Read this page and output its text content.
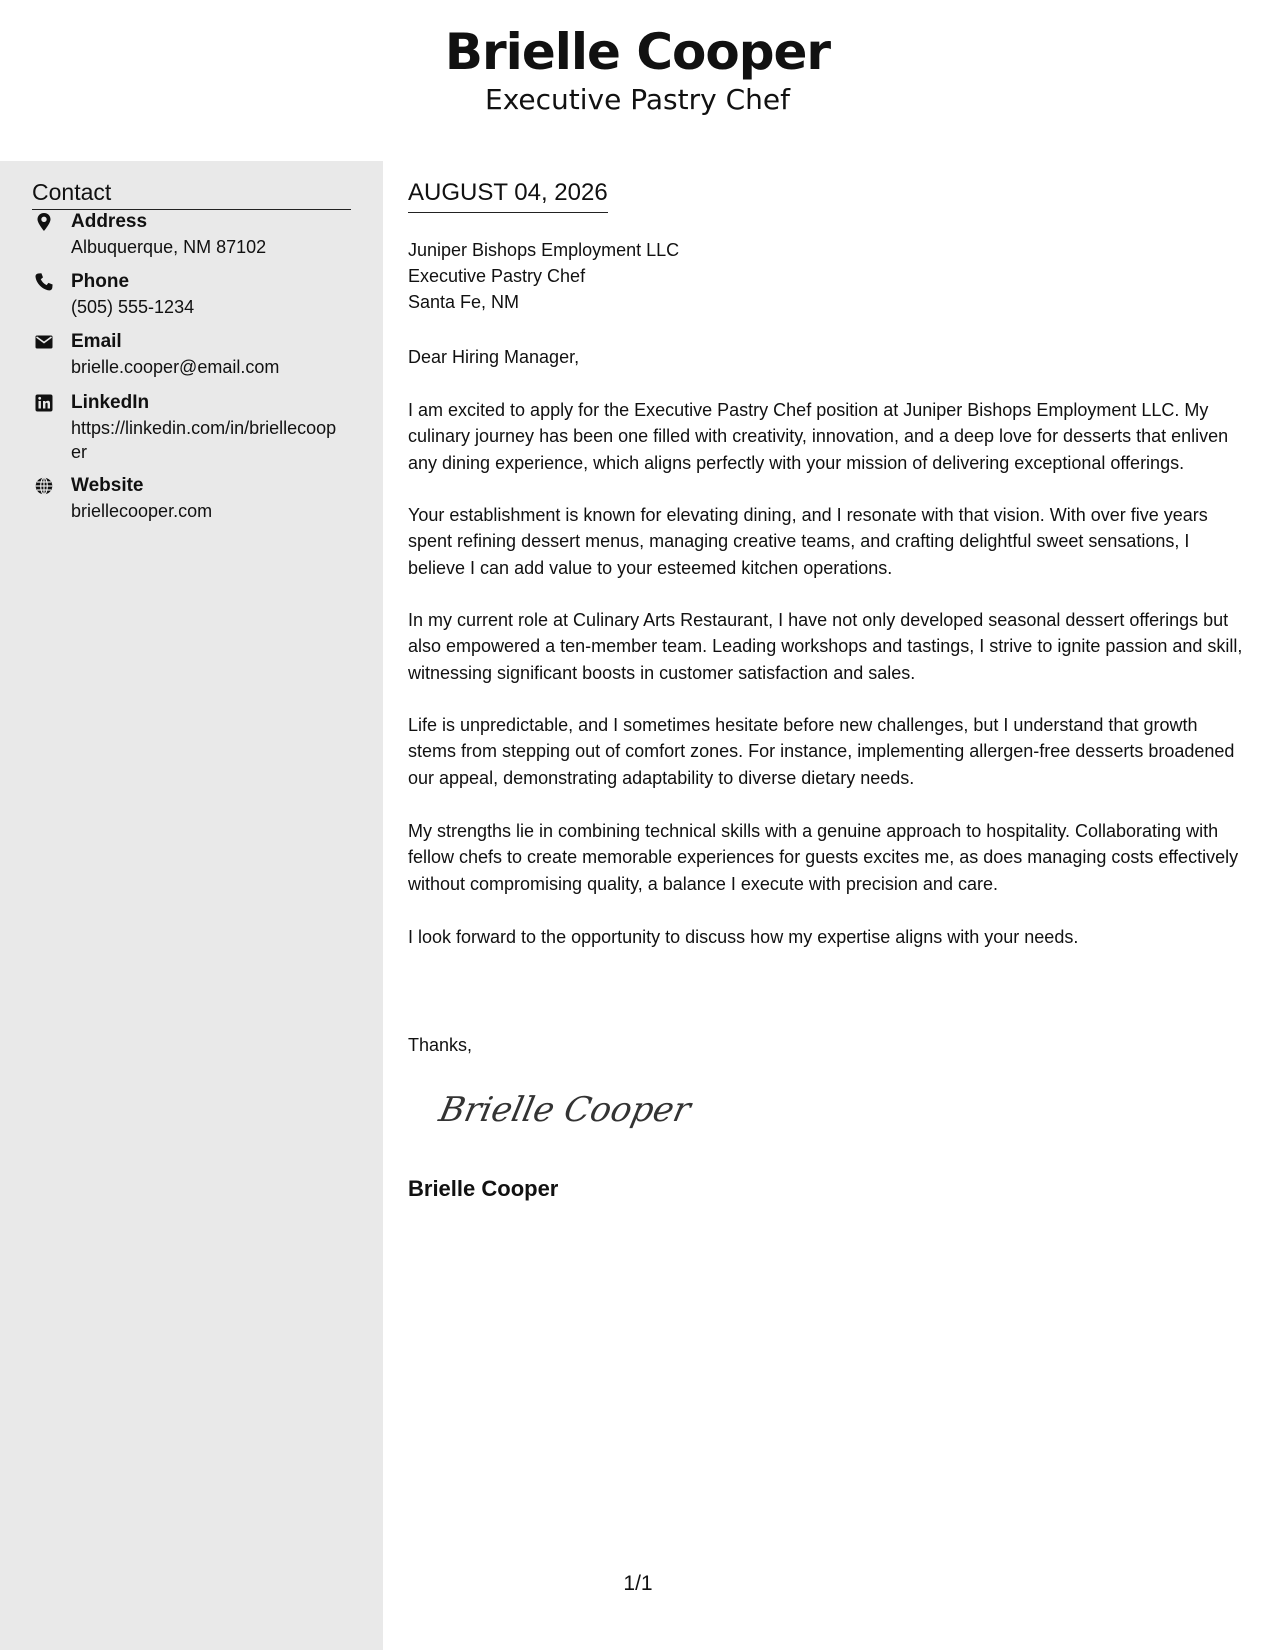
Brielle Cooper
Executive Pastry Chef
Contact
Address
Albuquerque, NM 87102
Phone
(505) 555-1234
Email
brielle.cooper@email.com
LinkedIn
https://linkedin.com/in/briellecooper
Website
briellecooper.com
AUGUST 04, 2026
Juniper Bishops Employment LLC
Executive Pastry Chef
Santa Fe, NM
Dear Hiring Manager,
I am excited to apply for the Executive Pastry Chef position at Juniper Bishops Employment LLC. My culinary journey has been one filled with creativity, innovation, and a deep love for desserts that enliven any dining experience, which aligns perfectly with your mission of delivering exceptional offerings.
Your establishment is known for elevating dining, and I resonate with that vision. With over five years spent refining dessert menus, managing creative teams, and crafting delightful sweet sensations, I believe I can add value to your esteemed kitchen operations.
In my current role at Culinary Arts Restaurant, I have not only developed seasonal dessert offerings but also empowered a ten-member team. Leading workshops and tastings, I strive to ignite passion and skill, witnessing significant boosts in customer satisfaction and sales.
Life is unpredictable, and I sometimes hesitate before new challenges, but I understand that growth stems from stepping out of comfort zones. For instance, implementing allergen-free desserts broadened our appeal, demonstrating adaptability to diverse dietary needs.
My strengths lie in combining technical skills with a genuine approach to hospitality. Collaborating with fellow chefs to create memorable experiences for guests excites me, as does managing costs effectively without compromising quality, a balance I execute with precision and care.
I look forward to the opportunity to discuss how my expertise aligns with your needs.
Thanks,
Brielle Cooper
Brielle Cooper
1/1
